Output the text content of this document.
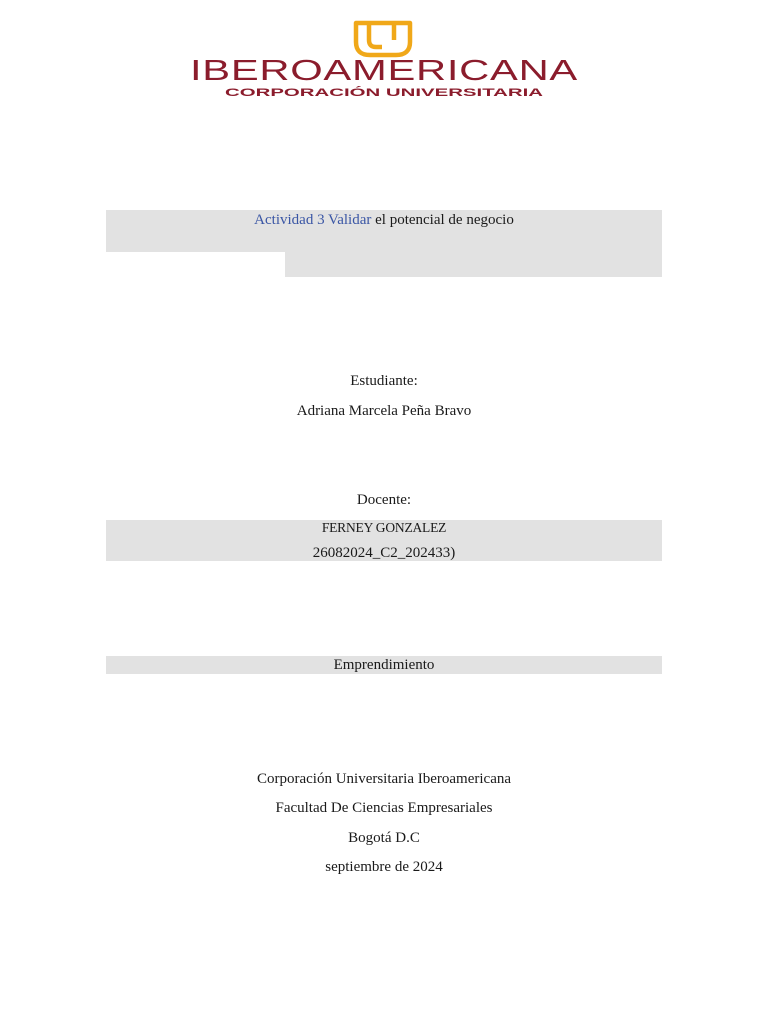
IBEROAMERICANA
CORPORACIÓN UNIVERSITARIA
Actividad 3 Validar el potencial de negocio
Estudiante:
Adriana Marcela Peña Bravo
Docente:
FERNEY GONZALEZ
26082024_C2_202433)
Emprendimiento
Corporación Universitaria Iberoamericana
Facultad De Ciencias Empresariales
Bogotá D.C
septiembre de 2024
